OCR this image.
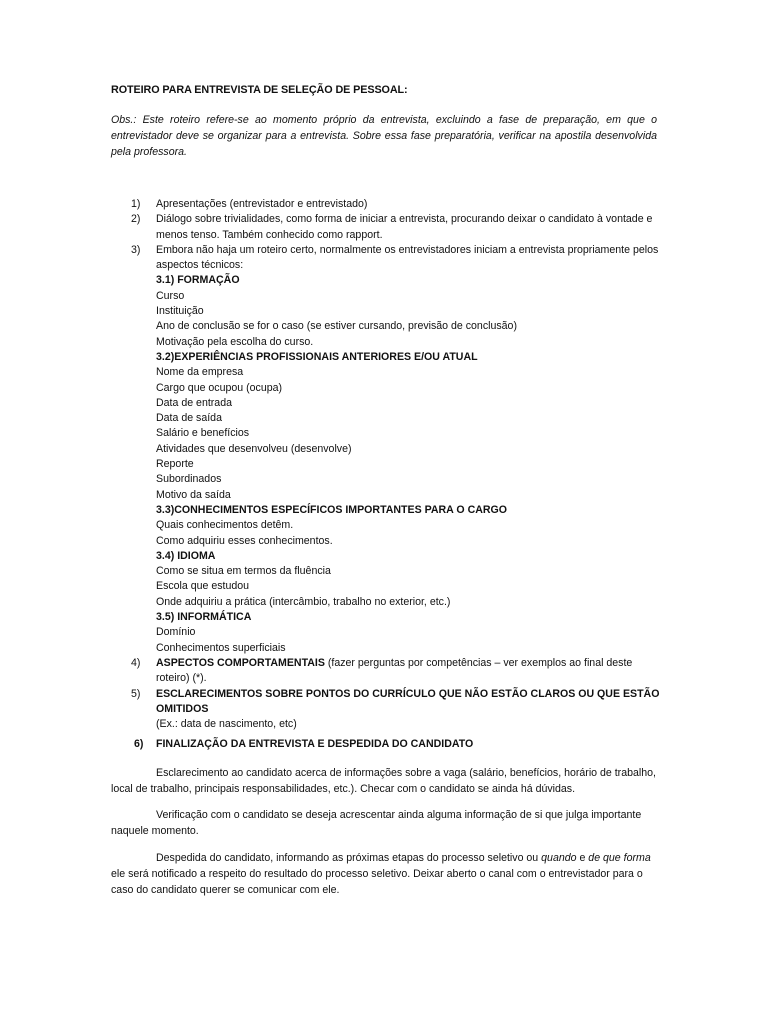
ROTEIRO PARA ENTREVISTA DE SELEÇÃO DE PESSOAL:
Obs.: Este roteiro refere-se ao momento próprio da entrevista, excluindo a fase de preparação, em que o entrevistador deve se organizar para a entrevista. Sobre essa fase preparatória, verificar na apostila desenvolvida pela professora.
1) Apresentações (entrevistador e entrevistado)
2) Diálogo sobre trivialidades, como forma de iniciar a entrevista, procurando deixar o candidato à vontade e menos tenso. Também conhecido como rapport.
3) Embora não haja um roteiro certo, normalmente os entrevistadores iniciam a entrevista propriamente pelos aspectos técnicos:
3.1) FORMAÇÃO
Curso
Instituição
Ano de conclusão se for o caso (se estiver cursando, previsão de conclusão)
Motivação pela escolha do curso.
3.2)EXPERIÊNCIAS PROFISSIONAIS ANTERIORES E/OU ATUAL
Nome da empresa
Cargo que ocupou (ocupa)
Data de entrada
Data de saída
Salário e benefícios
Atividades que desenvolveu (desenvolve)
Reporte
Subordinados
Motivo da saída
3.3)CONHECIMENTOS ESPECÍFICOS IMPORTANTES PARA O CARGO
Quais conhecimentos detêm.
Como adquiriu esses conhecimentos.
3.4) IDIOMA
Como se situa em termos da fluência
Escola que estudou
Onde adquiriu a prática (intercâmbio, trabalho no exterior, etc.)
3.5) INFORMÁTICA
Domínio
Conhecimentos superficiais
4) ASPECTOS COMPORTAMENTAIS (fazer perguntas por competências – ver exemplos ao final deste roteiro) (*).
5) ESCLARECIMENTOS SOBRE PONTOS DO CURRÍCULO QUE NÃO ESTÃO CLAROS OU QUE ESTÃO OMITIDOS
(Ex.: data de nascimento, etc)
6) FINALIZAÇÃO DA ENTREVISTA E DESPEDIDA DO CANDIDATO
Esclarecimento ao candidato acerca de informações sobre a vaga (salário, benefícios, horário de trabalho, local de trabalho, principais responsabilidades, etc.). Checar com o candidato se ainda há dúvidas.
Verificação com o candidato se deseja acrescentar ainda alguma informação de si que julga importante naquele momento.
Despedida do candidato, informando as próximas etapas do processo seletivo ou quando e de que forma ele será notificado a respeito do resultado do processo seletivo. Deixar aberto o canal com o entrevistador para o caso do candidato querer se comunicar com ele.
